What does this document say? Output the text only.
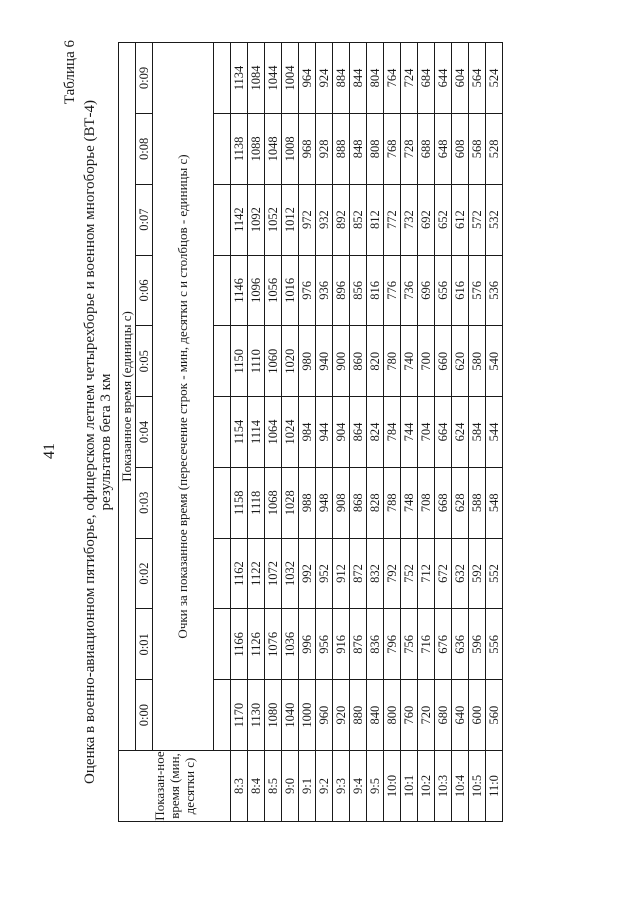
41
Таблица 6
Оценка в военно-авиационном пятиборье, офицерском летнем четырехборье и военном многоборье (ВТ-4) результатов бега 3 км
Показан-ное время (мин, десятки с)	Показанное время (единицы с)									
	0:00	0:01	0:02	0:03	0:04	0:05	0:06	0:07	0:08	0:09
	Очки за показанное время (пересечение строк - мин, десятки с и столбцов - единицы с)									

8:3	1170	1166	1162	1158	1154	1150	1146	1142	1138	1134
8:4	1130	1126	1122	1118	1114	1110	1096	1092	1088	1084
8:5	1080	1076	1072	1068	1064	1060	1056	1052	1048	1044
9:0	1040	1036	1032	1028	1024	1020	1016	1012	1008	1004
9:1	1000	996	992	988	984	980	976	972	968	964
9:2	960	956	952	948	944	940	936	932	928	924
9:3	920	916	912	908	904	900	896	892	888	884
9:4	880	876	872	868	864	860	856	852	848	844
9:5	840	836	832	828	824	820	816	812	808	804
10:0	800	796	792	788	784	780	776	772	768	764
10:1	760	756	752	748	744	740	736	732	728	724
10:2	720	716	712	708	704	700	696	692	688	684
10:3	680	676	672	668	664	660	656	652	648	644
10:4	640	636	632	628	624	620	616	612	608	604
10:5	600	596	592	588	584	580	576	572	568	564
11:0	560	556	552	548	544	540	536	532	528	524
